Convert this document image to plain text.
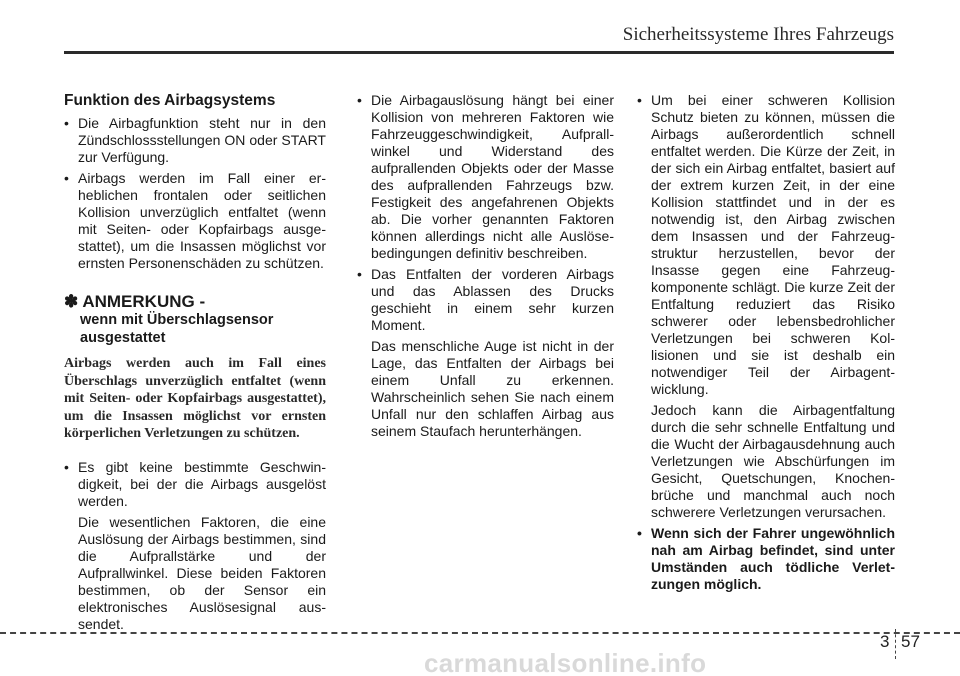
Sicherheitssysteme Ihres Fahrzeugs
Funktion des Airbagsystems
• Die Airbagfunktion steht nur in den Zündschlossstellungen ON oder START zur Verfügung.
• Airbags werden im Fall einer er- heblichen frontalen oder seitlichen Kollision unverzüglich entfaltet (wenn mit Seiten- oder Kopfairbags ausge- stattet), um die Insassen möglichst vor ernsten Personenschäden zu schützen.
✽ ANMERKUNG -
wenn mit Überschlagsensor
ausgestattet
Airbags werden auch im Fall eines Überschlags unverzüglich entfaltet (wenn mit Seiten- oder Kopfairbags ausgestattet), um die Insassen möglichst vor ernsten körperlichen Verletzungen zu schützen.
• Es gibt keine bestimmte Geschwin- digkeit, bei der die Airbags ausgelöst werden.
Die wesentlichen Faktoren, die eine Auslösung der Airbags bestimmen, sind die Aufprallstärke und der Aufprallwinkel. Diese beiden Faktoren bestimmen, ob der Sensor ein elektronisches Auslösesignal aus- sendet.
• Die Airbagauslösung hängt bei einer Kollision von mehreren Faktoren wie Fahrzeuggeschwindigkeit, Aufprall- winkel und Widerstand des aufprallenden Objekts oder der Masse des aufprallenden Fahrzeugs bzw. Festigkeit des angefahrenen Objekts ab. Die vorher genannten Faktoren können allerdings nicht alle Auslöse- bedingungen definitiv beschreiben.
• Das Entfalten der vorderen Airbags und das Ablassen des Drucks geschieht in einem sehr kurzen Moment.
Das menschliche Auge ist nicht in der Lage, das Entfalten der Airbags bei einem Unfall zu erkennen. Wahrscheinlich sehen Sie nach einem Unfall nur den schlaffen Airbag aus seinem Staufach herunterhängen.
• Um bei einer schweren Kollision Schutz bieten zu können, müssen die Airbags außerordentlich schnell entfaltet werden. Die Kürze der Zeit, in der sich ein Airbag entfaltet, basiert auf der extrem kurzen Zeit, in der eine Kollision stattfindet und in der es notwendig ist, den Airbag zwischen dem Insassen und der Fahrzeug- struktur herzustellen, bevor der Insasse gegen eine Fahrzeug- komponente schlägt. Die kurze Zeit der Entfaltung reduziert das Risiko schwerer oder lebensbedrohlicher Verletzungen bei schweren Kol- lisionen und sie ist deshalb ein notwendiger Teil der Airbagent- wicklung.
Jedoch kann die Airbagentfaltung durch die sehr schnelle Entfaltung und die Wucht der Airbagausdehnung auch Verletzungen wie Abschürfungen im Gesicht, Quetschungen, Knochen- brüche und manchmal auch noch schwerere Verletzungen verursachen.
• Wenn sich der Fahrer ungewöhnlich nah am Airbag befindet, sind unter Umständen auch tödliche Verlet- zungen möglich.
3 57
carmanualsonline.info
